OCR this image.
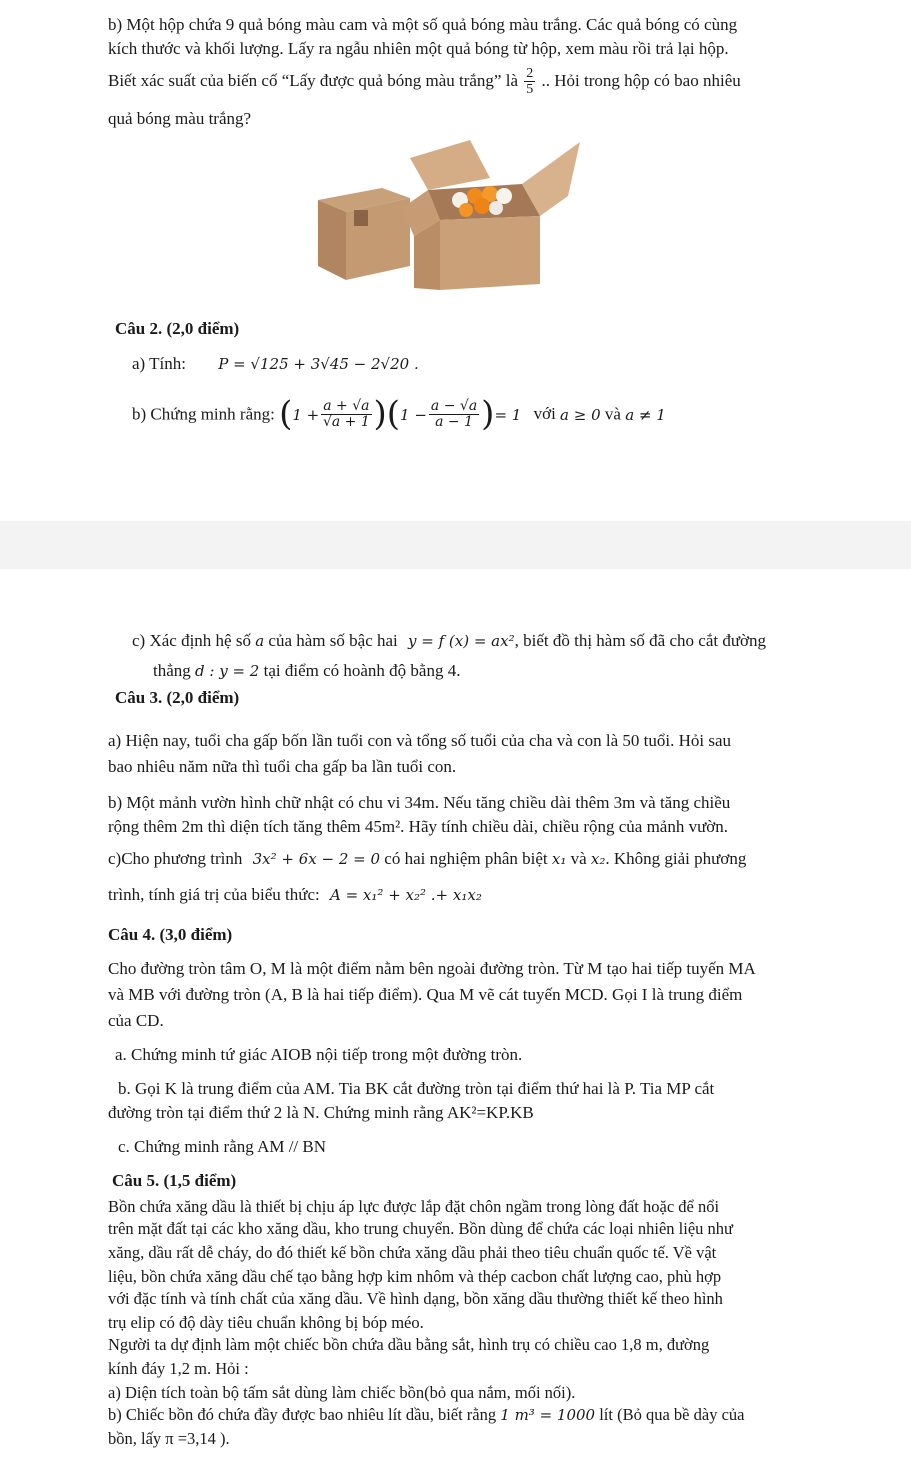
b) Một hộp chứa 9 quả bóng màu cam và một số quả bóng màu trắng. Các quả bóng có cùng
kích thước và khối lượng. Lấy ra ngẫu nhiên một quả bóng từ hộp, xem màu rồi trả lại hộp.
Biết xác suất của biến cố “Lấy được quả bóng màu trắng” là $\frac{2}{5}$ .. Hỏi trong hộp có bao nhiêu
quả bóng màu trắng?
Câu 2. (2,0 điểm)
a) Tính: P = √125 + 3√45 − 2√20 .
b) Chứng minh rằng: $(1 + \frac{a + √a}{√a + 1} )(1 - \frac{a - √a}{a - 1}$ )= 1 với a ≥ 0 và a ≠ 1
c) Xác định hệ số a của hàm số bậc hai y = f (x) = ax², biết đồ thị hàm số đã cho cắt đường
thẳng d : y = 2 tại điểm có hoành độ bằng 4.
Câu 3. (2,0 điểm)
a) Hiện nay, tuổi cha gấp bốn lần tuổi con và tổng số tuổi của cha và con là 50 tuổi. Hỏi sau
bao nhiêu năm nữa thì tuổi cha gấp ba lần tuổi con.
b) Một mảnh vườn hình chữ nhật có chu vi 34m. Nếu tăng chiều dài thêm 3m và tăng chiều
rộng thêm 2m thì diện tích tăng thêm 45m². Hãy tính chiều dài, chiều rộng của mảnh vườn.
c)Cho phương trình 3x² + 6x − 2 = 0 có hai nghiệm phân biệt x₁ và x₂. Không giải phương
trình, tính giá trị của biểu thức: A = x₁² + x₂² .+ x₁x₂
Câu 4. (3,0 điểm)
Cho đường tròn tâm O, M là một điểm nằm bên ngoài đường tròn. Từ M tạo hai tiếp tuyến MA
và MB với đường tròn (A, B là hai tiếp điểm). Qua M vẽ cát tuyến MCD. Gọi I là trung điểm
của CD.
a. Chứng minh tứ giác AIOB nội tiếp trong một đường tròn.
b. Gọi K là trung điểm của AM. Tia BK cắt đường tròn tại điểm thứ hai là P. Tia MP cắt
đường tròn tại điểm thứ 2 là N. Chứng minh rằng AK²=KP.KB
c. Chứng minh rằng AM // BN
Câu 5. (1,5 điểm)
Bồn chứa xăng dầu là thiết bị chịu áp lực được lắp đặt chôn ngầm trong lòng đất hoặc để nổi
trên mặt đất tại các kho xăng dầu, kho trung chuyển. Bồn dùng để chứa các loại nhiên liệu như
xăng, dầu rất dễ cháy, do đó thiết kế bồn chứa xăng dầu phải theo tiêu chuẩn quốc tế. Về vật
liệu, bồn chứa xăng dầu chế tạo bằng hợp kim nhôm và thép cacbon chất lượng cao, phù hợp
với đặc tính và tính chất của xăng dầu. Về hình dạng, bồn xăng dầu thường thiết kế theo hình
trụ elip có độ dày tiêu chuẩn không bị bóp méo.
Người ta dự định làm một chiếc bồn chứa dầu bằng sắt, hình trụ có chiều cao 1,8 m, đường
kính đáy 1,2 m. Hỏi :
a) Diện tích toàn bộ tấm sắt dùng làm chiếc bồn(bỏ qua nắm, mối nối).
b) Chiếc bồn đó chứa đầy được bao nhiêu lít dầu, biết rằng 1 m³ = 1000 lít (Bỏ qua bề dày của
bồn, lấy π =3,14 ).
